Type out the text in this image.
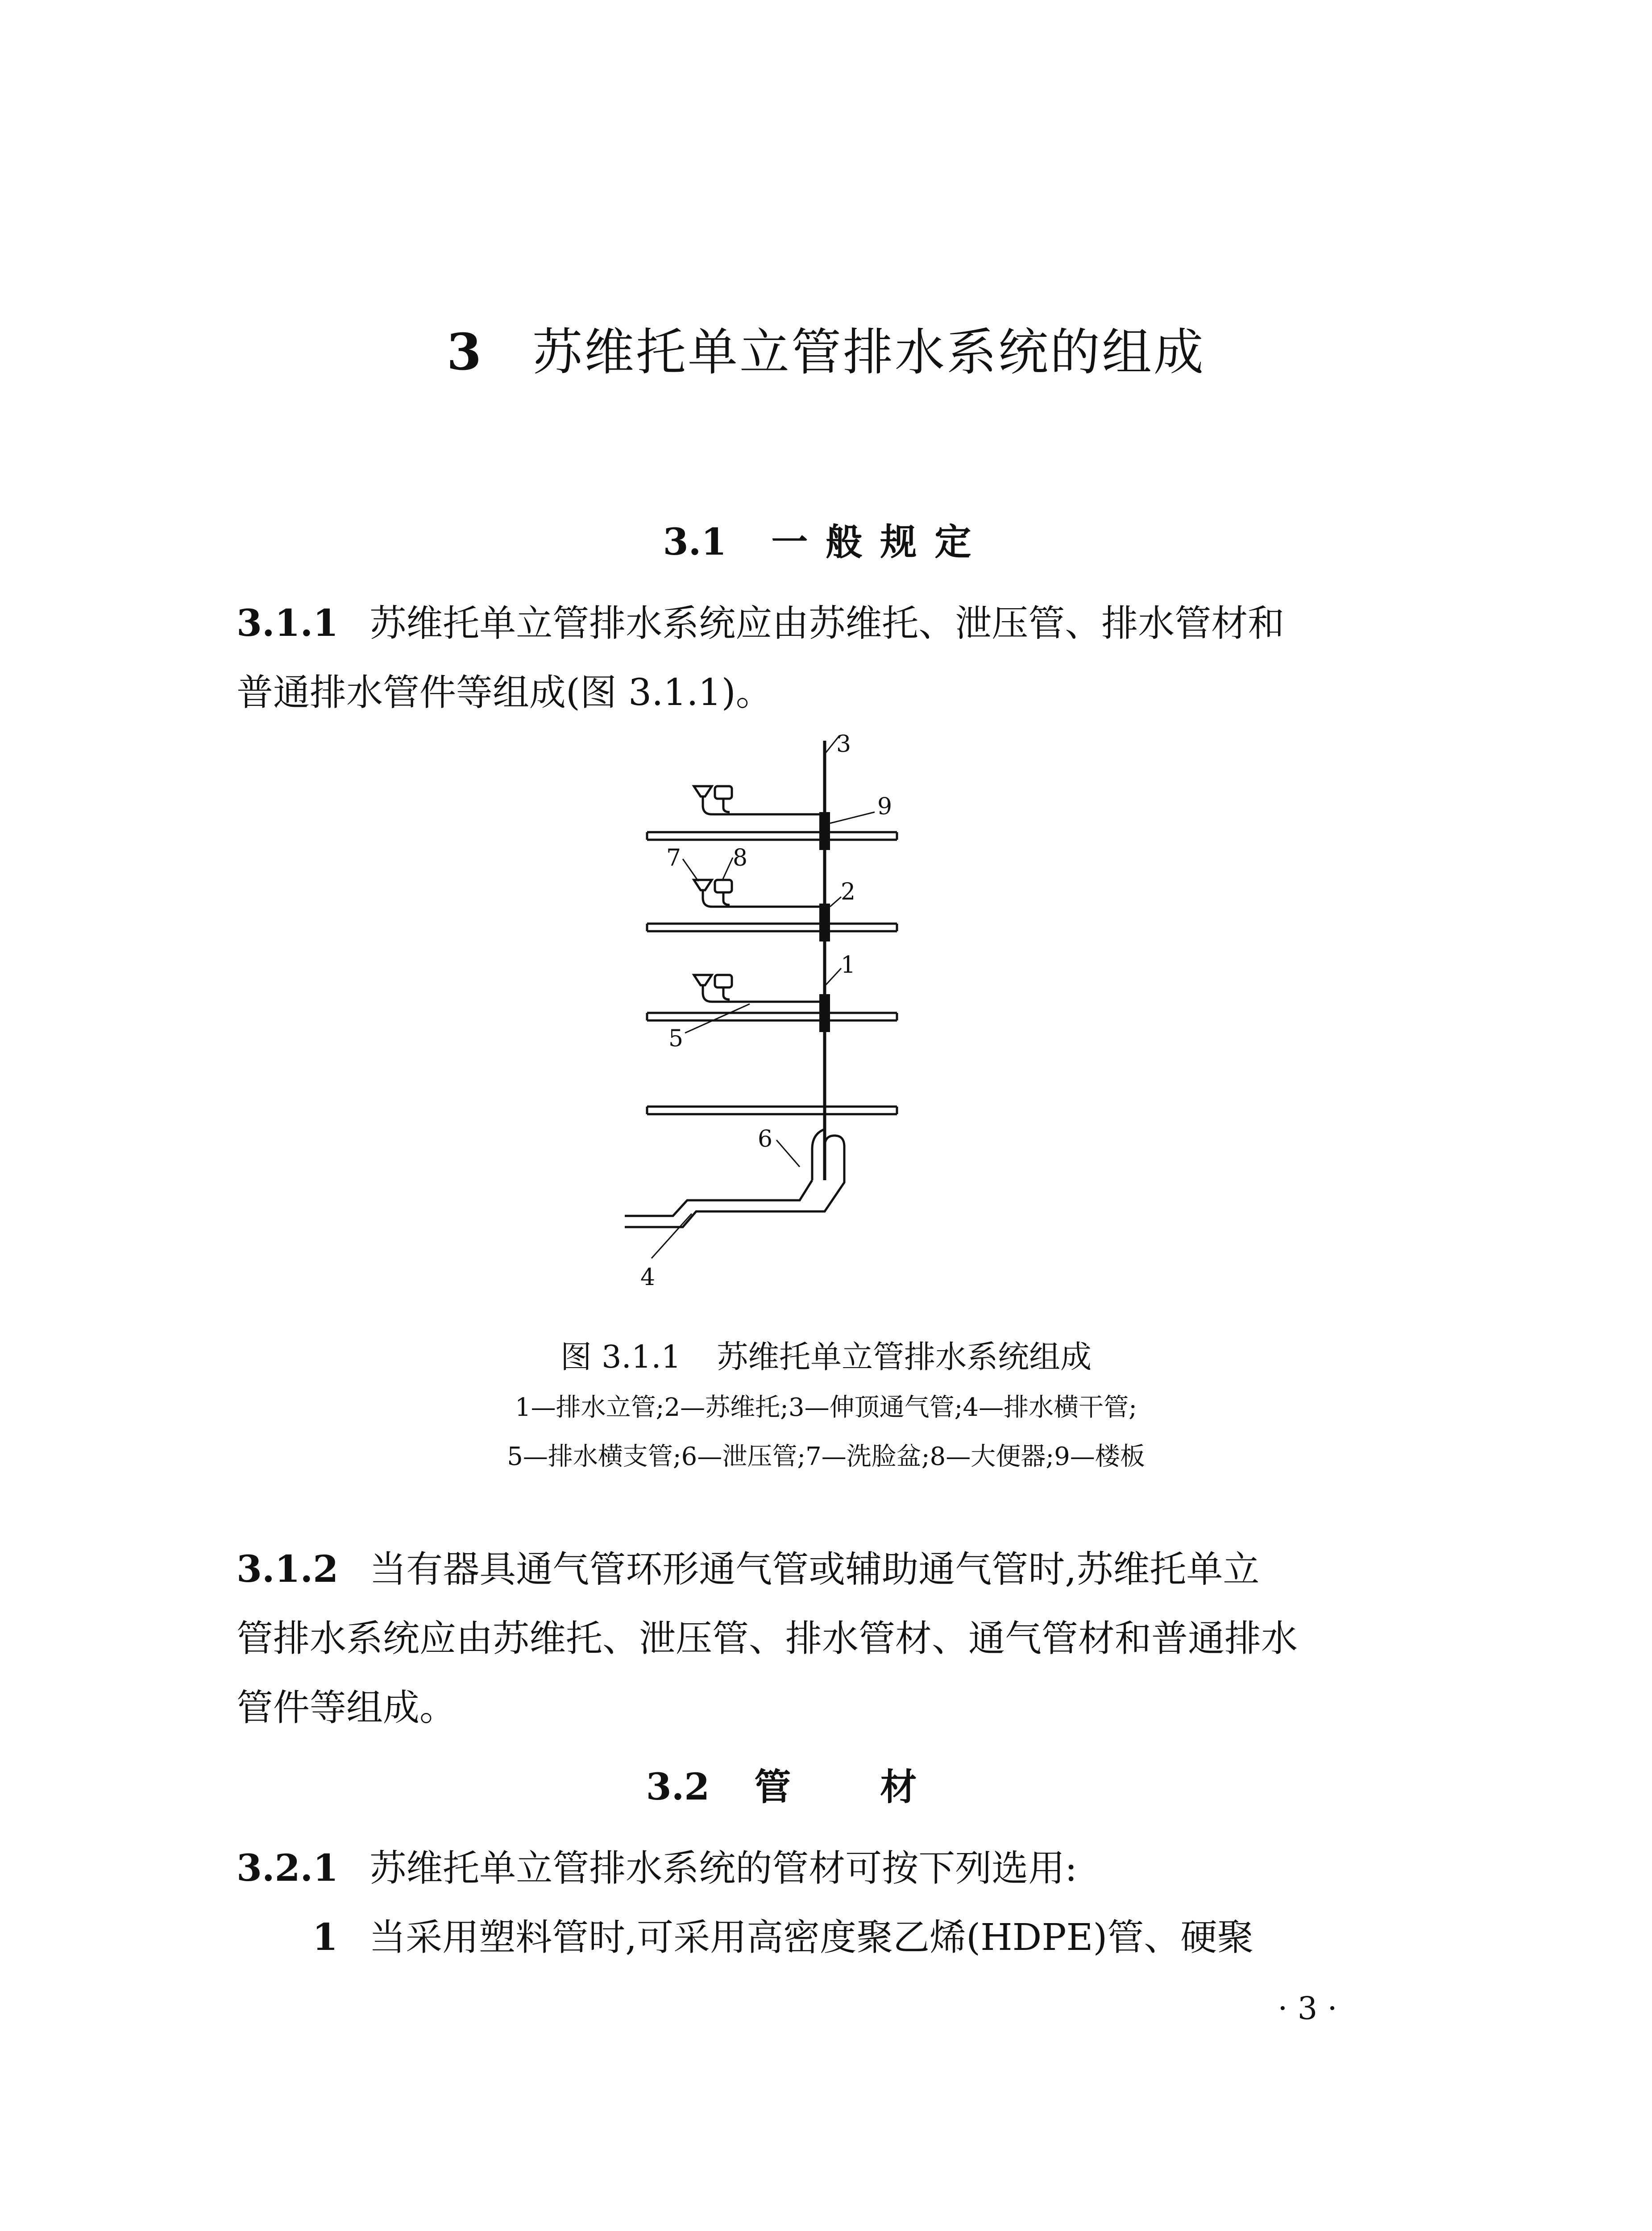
3 苏维托单立管排水系统的组成
3.1 一般规定
3.1.1 苏维托单立管排水系统应由苏维托、泄压管、排水管材和
普通排水管件等组成(图 3.1.1)。
3
9
2
1
5
6
4
7 8
图 3.1.1 苏维托单立管排水系统组成
1—排水立管;2—苏维托;3—伸顶通气管;4—排水横干管;
5—排水横支管;6—泄压管;7—洗脸盆;8—大便器;9—楼板
3.1.2 当有器具通气管环形通气管或辅助通气管时,苏维托单立
管排水系统应由苏维托、泄压管、排水管材、通气管材和普通排水
管件等组成。
3.2 管材
3.2.1 苏维托单立管排水系统的管材可按下列选用:
1 当采用塑料管时,可采用高密度聚乙烯(HDPE)管、硬聚
· 3 ·
